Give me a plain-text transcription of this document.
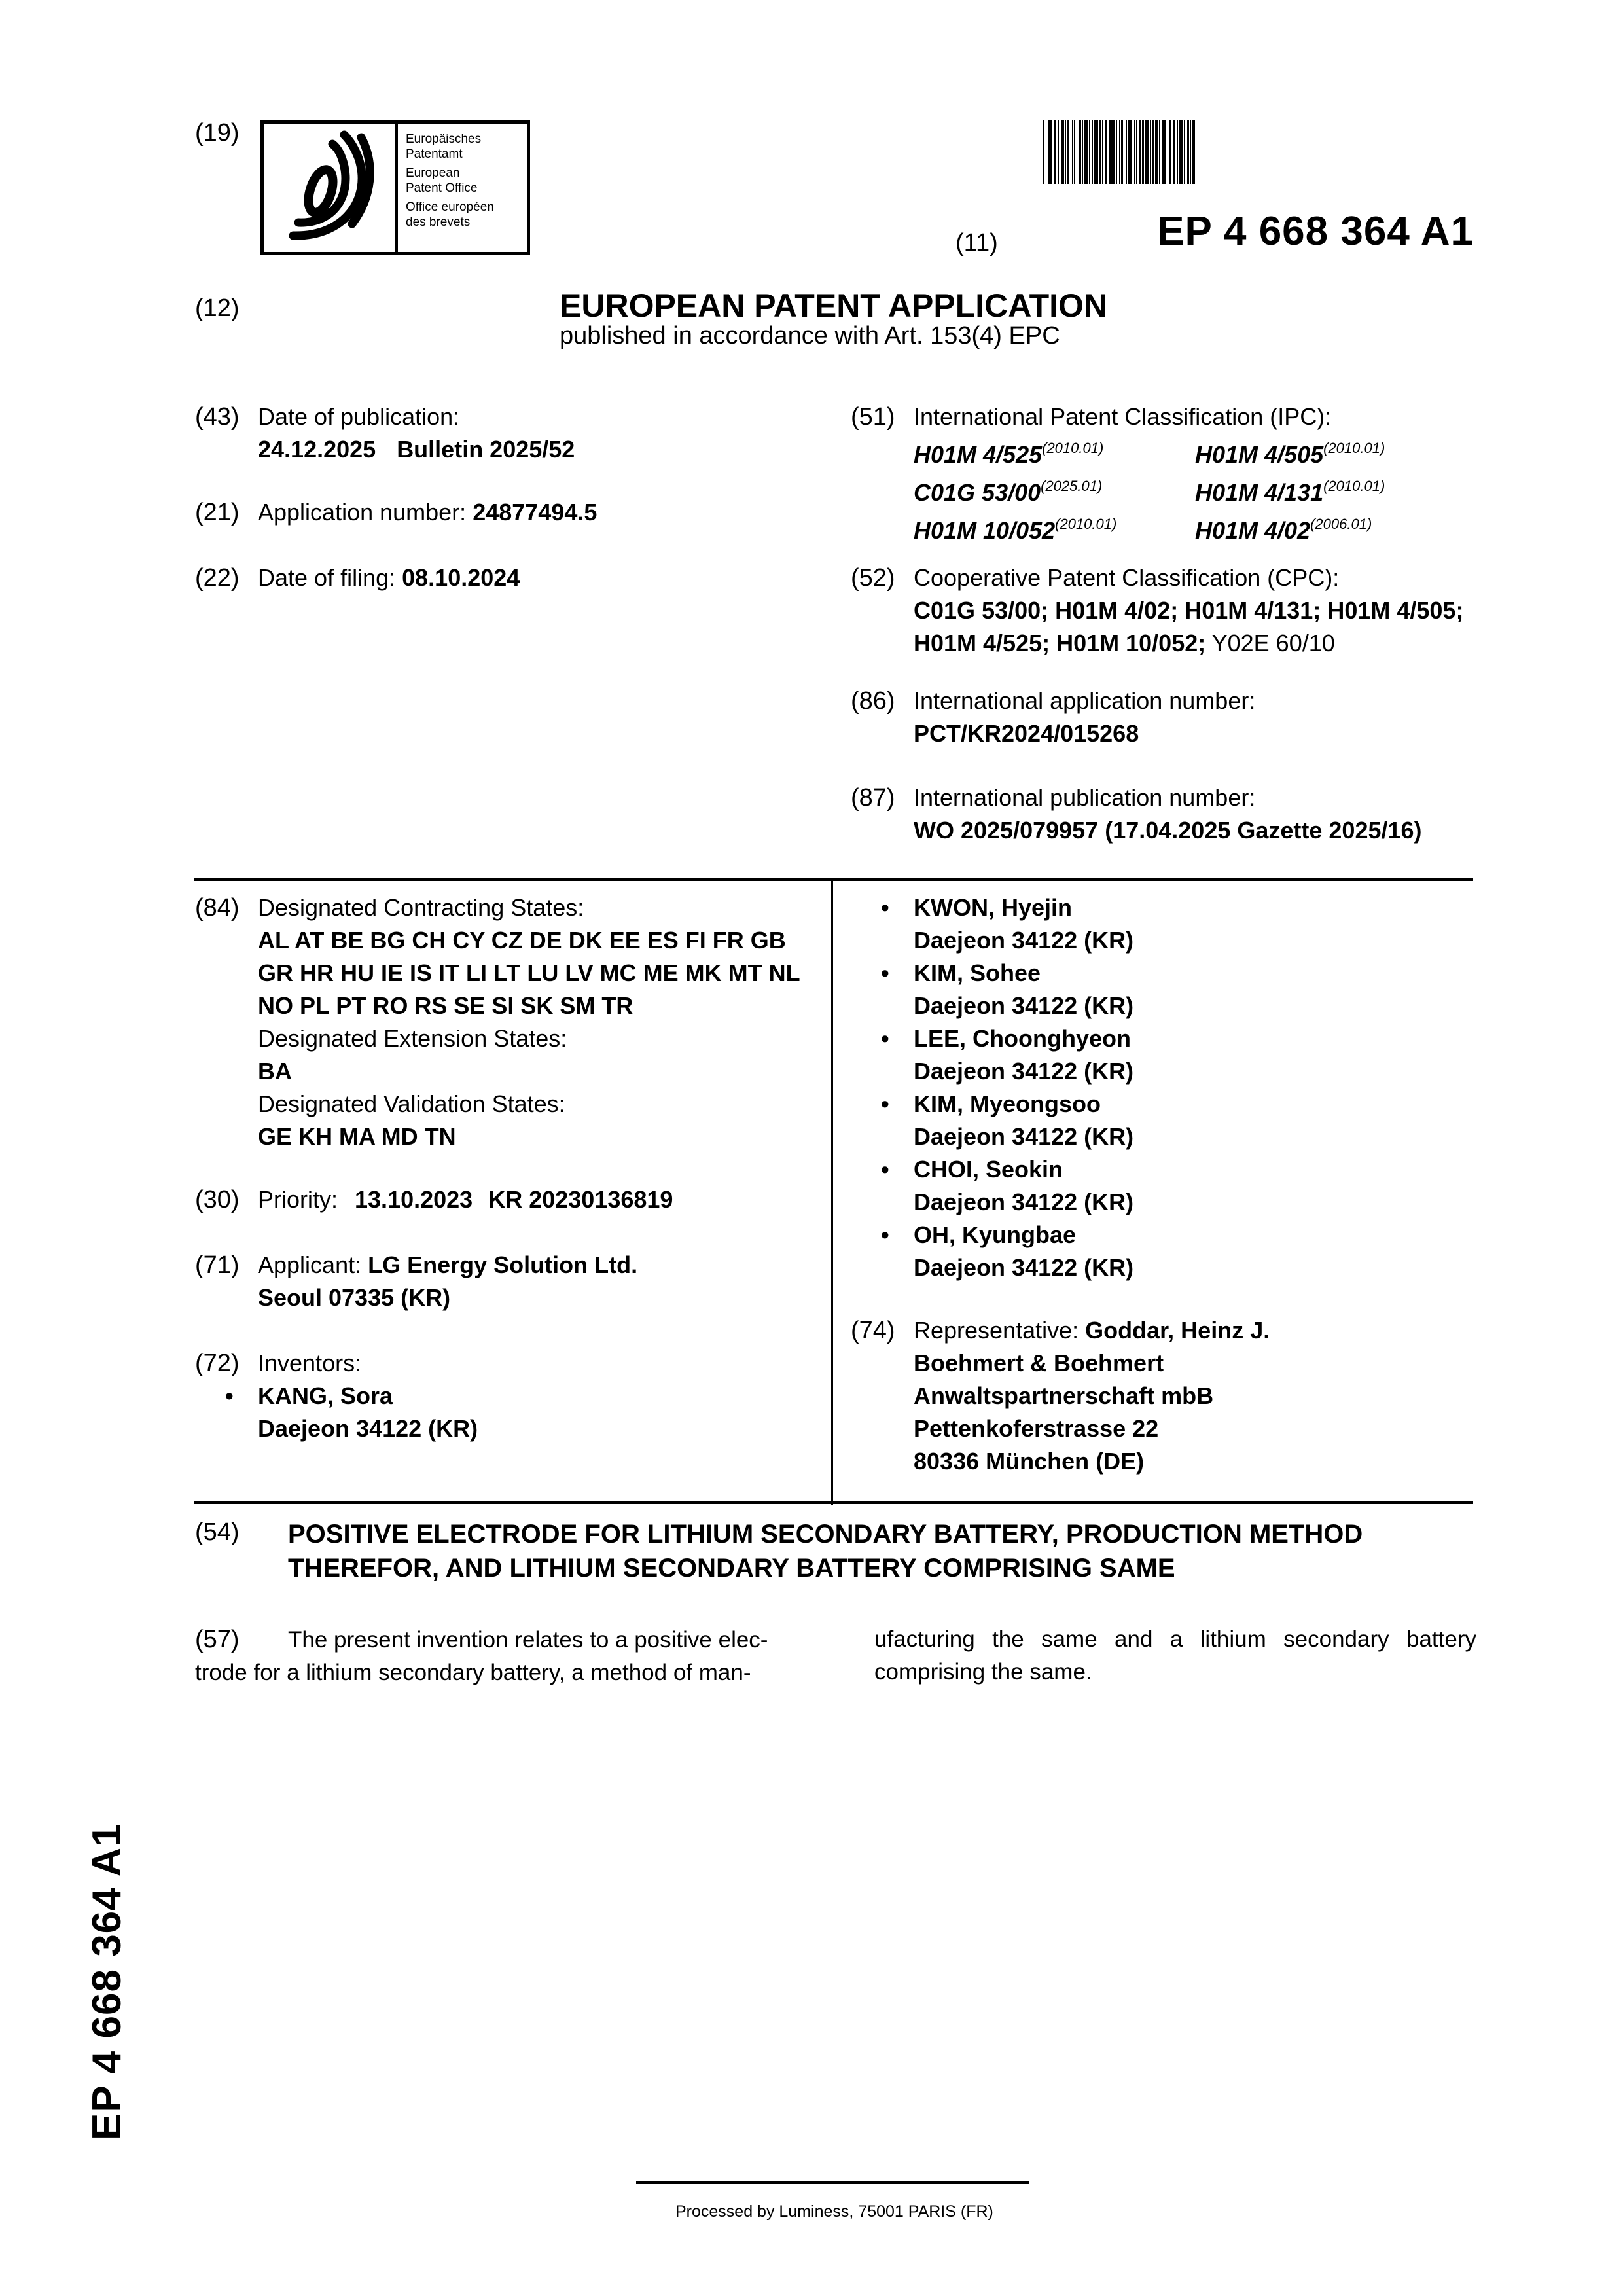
(19)	Europäisches
Patentamt
European
Patent Office
Office européen
des brevets
(11)	EP 4 668 364 A1
(12)	EUROPEAN PATENT APPLICATION
published in accordance with Art. 153(4) EPC
(43) Date of publication:
24.12.2025 Bulletin 2025/52
(21) Application number: 24877494.5
(22) Date of filing: 08.10.2024
(51) International Patent Classification (IPC):
H01M $4/525^{(2010.01)}$	H01M $4/505^{(2010.01)}$
C01G $53/00^{(2025.01)}$	H01M $4/131^{(2010.01)}$
H01M $10/052^{(2010.01)}$	H01M $4/02^{(2006.01)}$
(52) Cooperative Patent Classification (CPC):
C01G 53/00; H01M 4/02; H01M 4/131; H01M 4/505;
H01M 4/525; H01M 10/052; Y02E 60/10
(86) International application number:
PCT/KR2024/015268
(87) International publication number:
WO 2025/079957 (17.04.2025 Gazette 2025/16)
(84) Designated Contracting States:
AL AT BE BG CH CY CZ DE DK EE ES FI FR GB
GR HR HU IE IS IT LI LT LU LV MC ME MK MT NL
NO PL PT RO RS SE SI SK SM TR
Designated Extension States:
BA
Designated Validation States:
GE KH MA MD TN
(30) Priority: 13.10.2023 KR 20230136819
(71) Applicant: LG Energy Solution Ltd.
Seoul 07335 (KR)
(72) Inventors:
• KANG, Sora
Daejeon 34122 (KR)
• KWON, Hyejin
Daejeon 34122 (KR)
• KIM, Sohee
Daejeon 34122 (KR)
• LEE, Choonghyeon
Daejeon 34122 (KR)
• KIM, Myeongsoo
Daejeon 34122 (KR)
• CHOI, Seokin
Daejeon 34122 (KR)
• OH, Kyungbae
Daejeon 34122 (KR)
(74) Representative: Goddar, Heinz J.
Boehmert & Boehmert
Anwaltspartnerschaft mbB
Pettenkoferstrasse 22
80336 München (DE)
(54) POSITIVE ELECTRODE FOR LITHIUM SECONDARY BATTERY, PRODUCTION METHOD
THEREFOR, AND LITHIUM SECONDARY BATTERY COMPRISING SAME
(57) The present invention relates to a positive elec-
trode for a lithium secondary battery, a method of man-
ufacturing the same and a lithium secondary battery
comprising the same.
EP 4 668 364 A1
Processed by Luminess, 75001 PARIS (FR)
